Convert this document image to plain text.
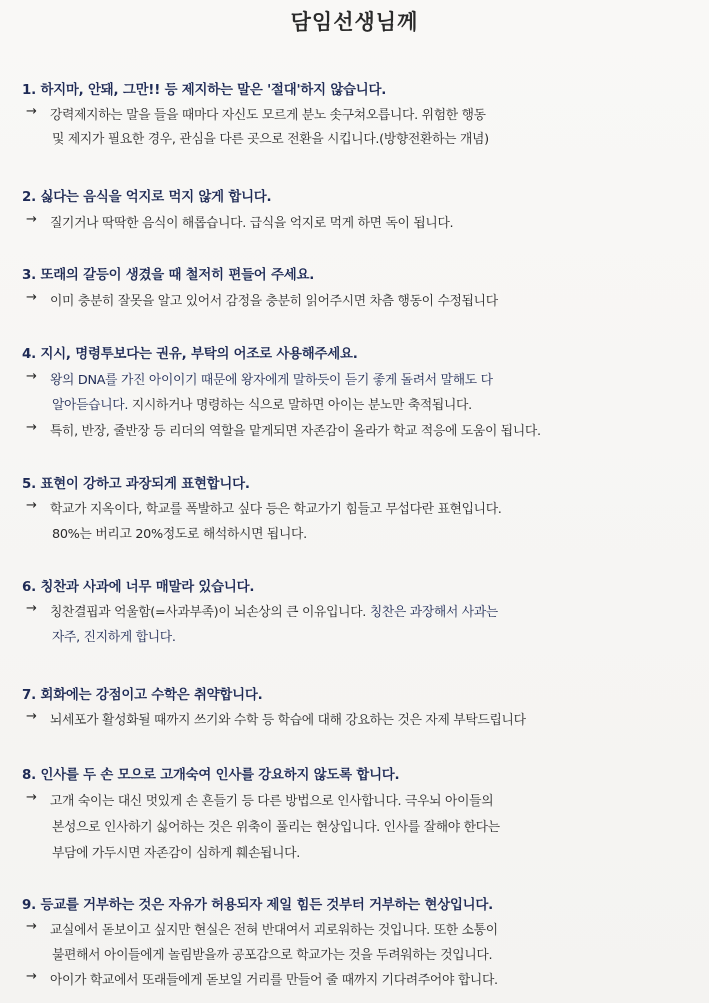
담임선생님께
1. 하지마, 안돼, 그만!! 등 제지하는 말은 '절대'하지 않습니다.
→ 강력제지하는 말을 들을 때마다 자신도 모르게 분노 솟구쳐오릅니다. 위험한 행동
및 제지가 필요한 경우, 관심을 다른 곳으로 전환을 시킵니다.(방향전환하는 개념)
2. 싫다는 음식을 억지로 먹지 않게 합니다.
→ 질기거나 딱딱한 음식이 해롭습니다. 급식을 억지로 먹게 하면 독이 됩니다.
3. 또래의 갈등이 생겼을 때 철저히 편들어 주세요.
→ 이미 충분히 잘못을 알고 있어서 감정을 충분히 읽어주시면 차츰 행동이 수정됩니다
4. 지시, 명령투보다는 권유, 부탁의 어조로 사용해주세요.
→ 왕의 DNA를 가진 아이이기 때문에 왕자에게 말하듯이 듣기 좋게 돌려서 말해도 다
알아듣습니다. 지시하거나 명령하는 식으로 말하면 아이는 분노만 축적됩니다.
→ 특히, 반장, 줄반장 등 리더의 역할을 맡게되면 자존감이 올라가 학교 적응에 도움이 됩니다.
5. 표현이 강하고 과장되게 표현합니다.
→ 학교가 지옥이다, 학교를 폭발하고 싶다 등은 학교가기 힘들고 무섭다란 표현입니다.
80%는 버리고 20%정도로 해석하시면 됩니다.
6. 칭찬과 사과에 너무 매말라 있습니다.
→ 칭찬결핍과 억울함(=사과부족)이 뇌손상의 큰 이유입니다. 칭찬은 과장해서 사과는
자주, 진지하게 합니다.
7. 회화에는 강점이고 수학은 취약합니다.
→ 뇌세포가 활성화될 때까지 쓰기와 수학 등 학습에 대해 강요하는 것은 자제 부탁드립니다
8. 인사를 두 손 모으로 고개숙여 인사를 강요하지 않도록 합니다.
→ 고개 숙이는 대신 멋있게 손 흔들기 등 다른 방법으로 인사합니다. 극우뇌 아이들의
본성으로 인사하기 싫어하는 것은 위축이 풀리는 현상입니다. 인사를 잘해야 한다는
부담에 가두시면 자존감이 심하게 훼손됩니다.
9. 등교를 거부하는 것은 자유가 허용되자 제일 힘든 것부터 거부하는 현상입니다.
→ 교실에서 돋보이고 싶지만 현실은 전혀 반대여서 괴로워하는 것입니다. 또한 소통이
불편해서 아이들에게 놀림받을까 공포감으로 학교가는 것을 두려워하는 것입니다.
→ 아이가 학교에서 또래들에게 돋보일 거리를 만들어 줄 때까지 기다려주어야 합니다.
